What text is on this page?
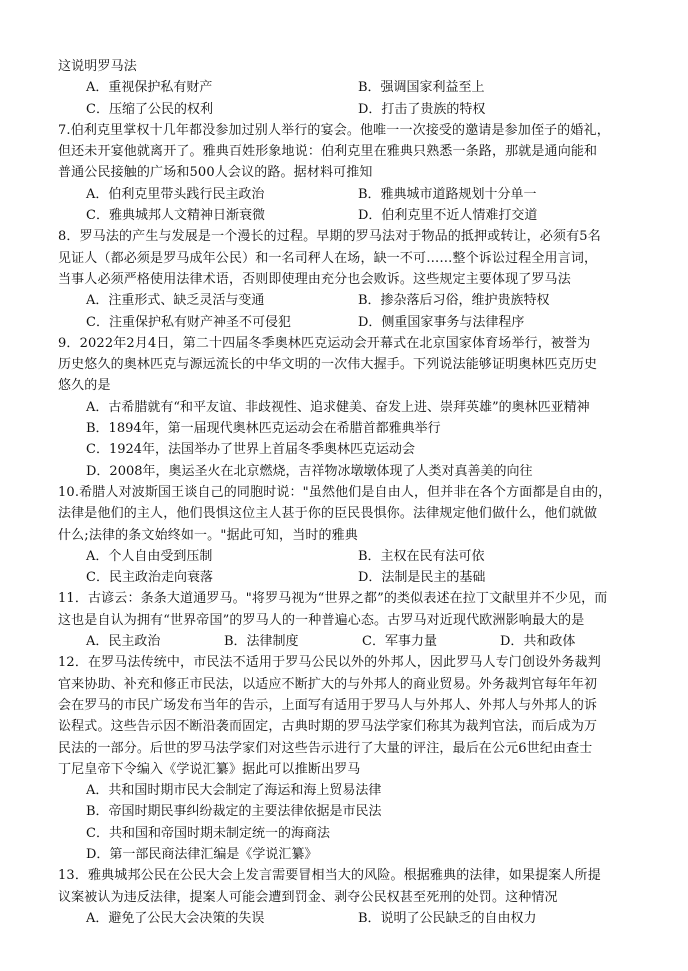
这说明罗马法
A．重视保护私有财产	B．强调国家利益至上
C．压缩了公民的权利	D．打击了贵族的特权
7.伯利克里掌权十几年都没参加过别人举行的宴会。他唯一一次接受的邀请是参加侄子的婚礼，
但还未开宴他就离开了。雅典百姓形象地说：伯利克里在雅典只熟悉一条路，那就是通向能和
普通公民接触的广场和500人会议的路。据材料可推知
A．伯利克里带头践行民主政治	B．雅典城市道路规划十分单一
C．雅典城邦人文精神日渐衰微	D．伯利克里不近人情难打交道
8．罗马法的产生与发展是一个漫长的过程。早期的罗马法对于物品的抵押或转让，必须有5名
见证人（都必须是罗马成年公民）和一名司秤人在场，缺一不可……整个诉讼过程全用言词，
当事人必须严格使用法律术语，否则即使理由充分也会败诉。这些规定主要体现了罗马法
A．注重形式、缺乏灵活与变通	B．掺杂落后习俗，维护贵族特权
C．注重保护私有财产神圣不可侵犯	D．侧重国家事务与法律程序
9．2022年2月4日，第二十四届冬季奥林匹克运动会开幕式在北京国家体育场举行，被誉为
历史悠久的奥林匹克与源远流长的中华文明的一次伟大握手。下列说法能够证明奥林匹克历史
悠久的是
A．古希腊就有“和平友谊、非歧视性、追求健美、奋发上进、崇拜英雄”的奥林匹亚精神
B．1894年，第一届现代奥林匹克运动会在希腊首都雅典举行
C．1924年，法国举办了世界上首届冬季奥林匹克运动会
D．2008年，奥运圣火在北京燃烧，吉祥物冰墩墩体现了人类对真善美的向往
10.希腊人对波斯国王谈自己的同胞时说："虽然他们是自由人，但并非在各个方面都是自由的，
法律是他们的主人，他们畏惧这位主人甚于你的臣民畏惧你。法律规定他们做什么，他们就做
什么;法律的条文始终如一。"据此可知，当时的雅典
A．个人自由受到压制	B．主权在民有法可依
C．民主政治走向衰落	D．法制是民主的基础
11．古谚云：条条大道通罗马。"将罗马视为“世界之都”的类似表述在拉丁文献里并不少见，而
这也是自认为拥有“世界帝国”的罗马人的一种普遍心态。古罗马对近现代欧洲影响最大的是
A．民主政治	B．法律制度	C．军事力量	D．共和政体
12．在罗马法传统中，市民法不适用于罗马公民以外的外邦人，因此罗马人专门创设外务裁判
官来协助、补充和修正市民法，以适应不断扩大的与外邦人的商业贸易。外务裁判官每年年初
会在罗马的市民广场发布当年的告示，上面写有适用于罗马人与外邦人、外邦人与外邦人的诉
讼程式。这些告示因不断沿袭而固定，古典时期的罗马法学家们称其为裁判官法，而后成为万
民法的一部分。后世的罗马法学家们对这些告示进行了大量的评注，最后在公元6世纪由查士
丁尼皇帝下令编入《学说汇纂》据此可以推断出罗马
A．共和国时期市民大会制定了海运和海上贸易法律
B．帝国时期民事纠纷裁定的主要法律依据是市民法
C．共和国和帝国时期未制定统一的海商法
D．第一部民商法律汇编是《学说汇纂》
13．雅典城邦公民在公民大会上发言需要冒相当大的风险。根据雅典的法律，如果提案人所提
议案被认为违反法律，提案人可能会遭到罚金、剥夺公民权甚至死刑的处罚。这种情况
A．避免了公民大会决策的失误	B．说明了公民缺乏的自由权力
